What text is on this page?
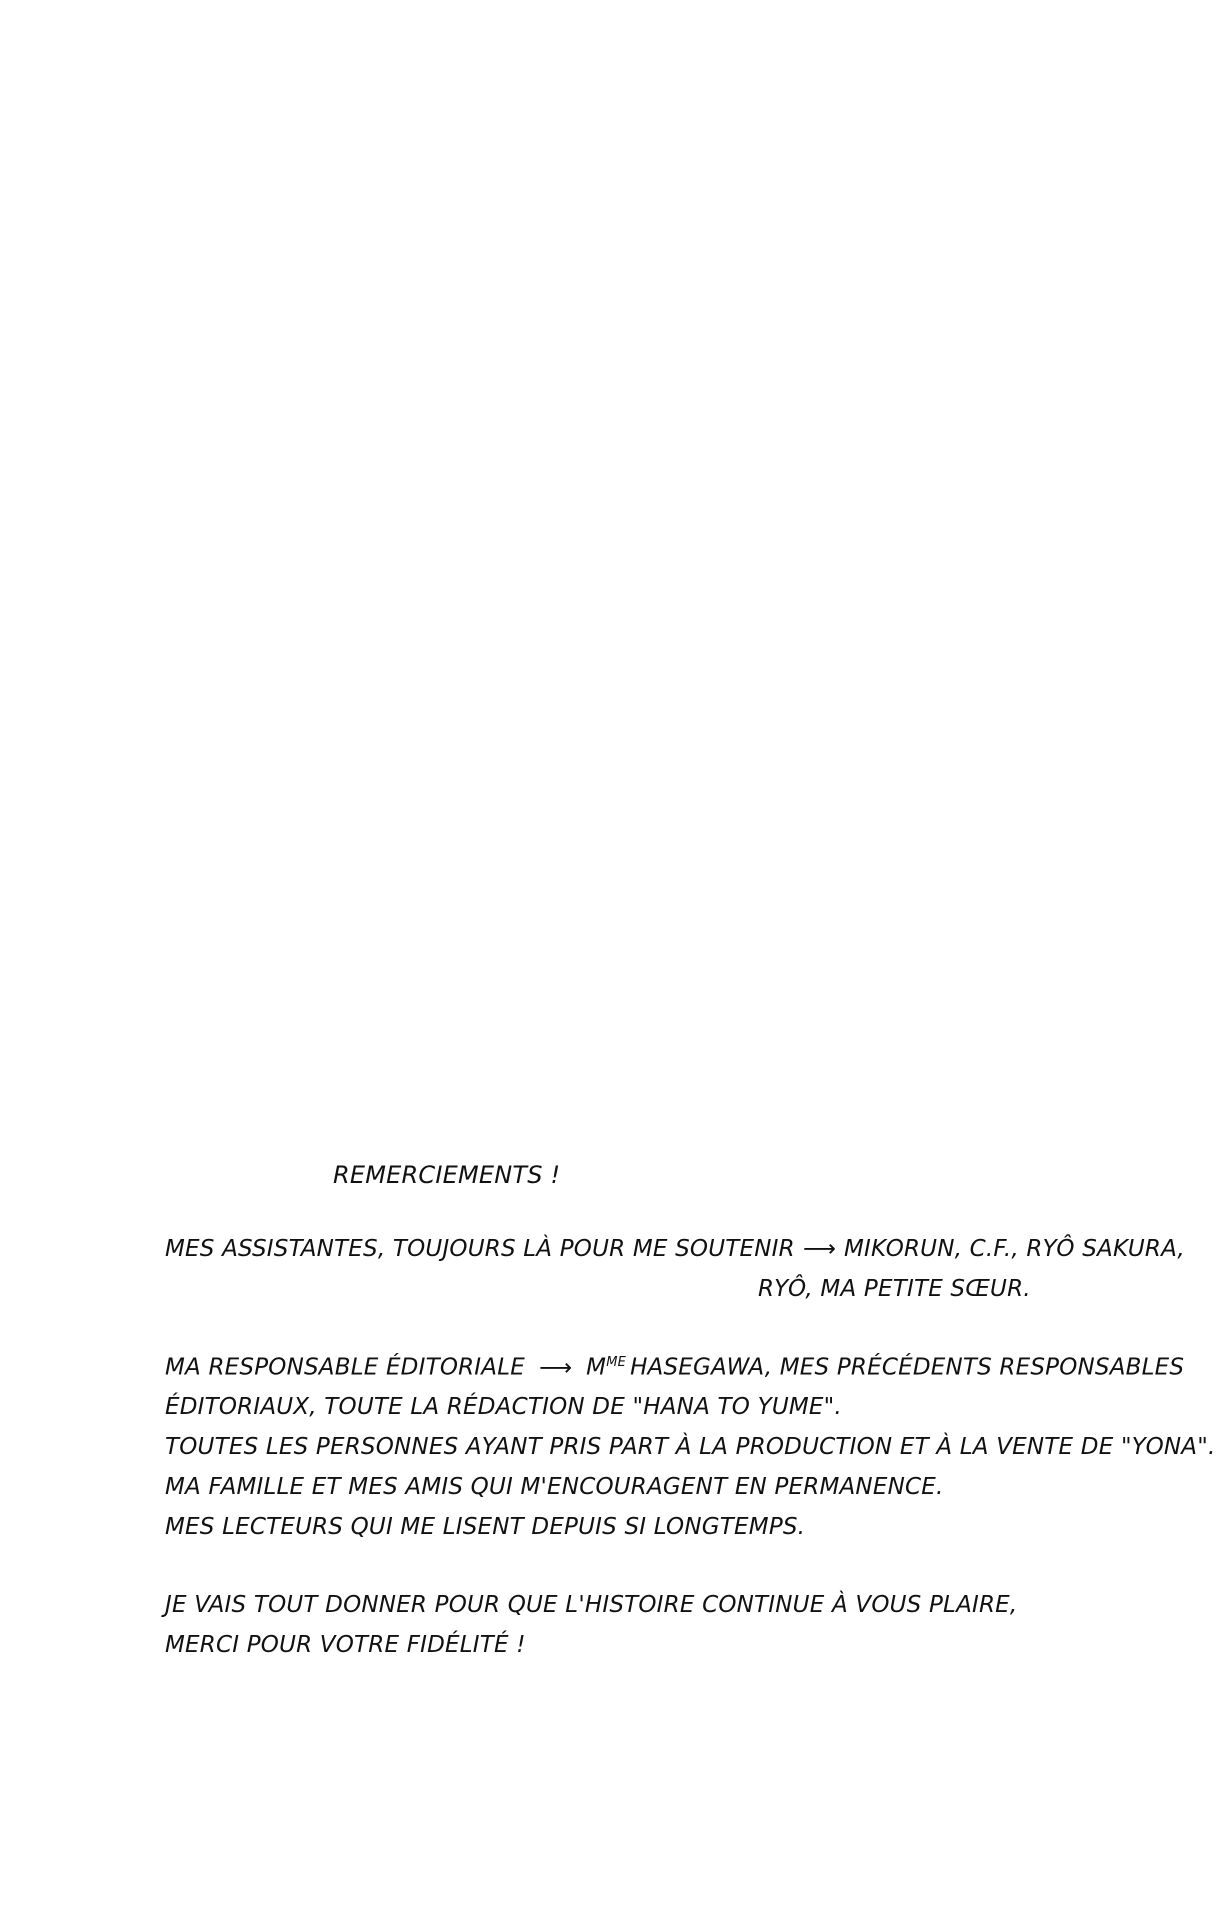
REMERCIEMENTS !
MES ASSISTANTES, TOUJOURS LÀ POUR ME SOUTENIR ⟶ MIKORUN, C.F., RYÔ SAKURA,
RYÔ, MA PETITE SŒUR.
MA RESPONSABLE ÉDITORIALE ⟶ $M^{ME}$ HASEGAWA, MES PRÉCÉDENTS RESPONSABLES
ÉDITORIAUX, TOUTE LA RÉDACTION DE "HANA TO YUME".
TOUTES LES PERSONNES AYANT PRIS PART À LA PRODUCTION ET À LA VENTE DE "YONA".
MA FAMILLE ET MES AMIS QUI M'ENCOURAGENT EN PERMANENCE.
MES LECTEURS QUI ME LISENT DEPUIS SI LONGTEMPS.
JE VAIS TOUT DONNER POUR QUE L'HISTOIRE CONTINUE À VOUS PLAIRE,
MERCI POUR VOTRE FIDÉLITÉ !
